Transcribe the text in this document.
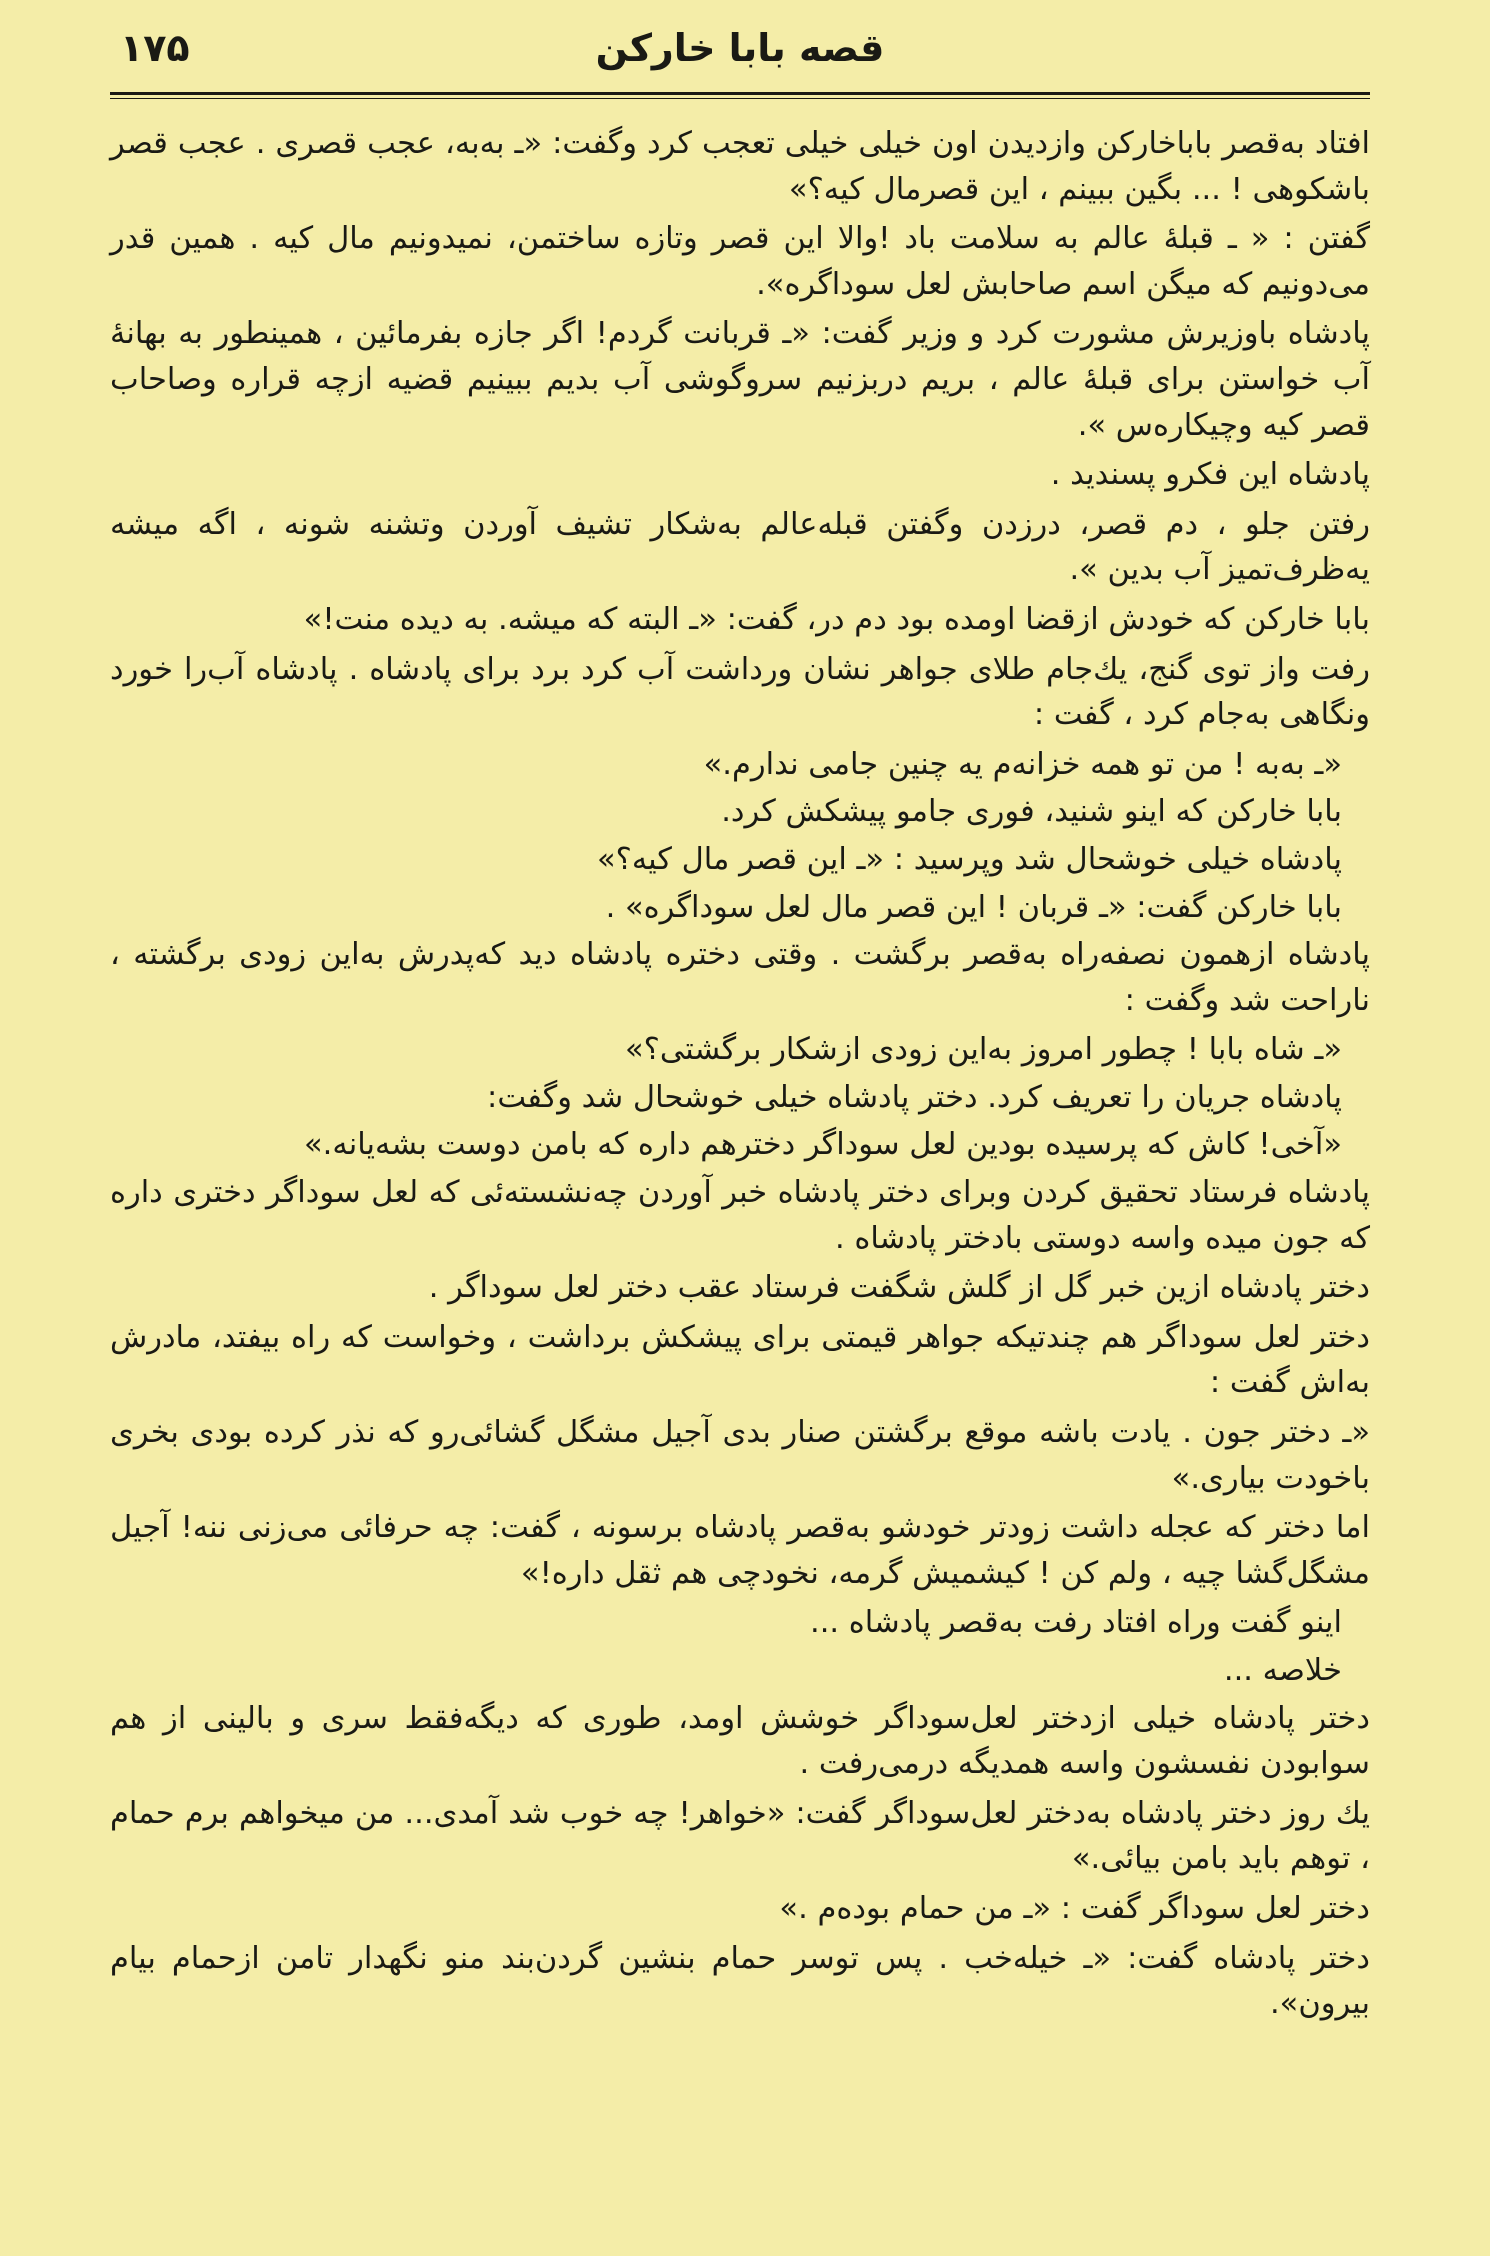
قصه بابا خارکن
۱۷۵

افتاد به‌قصر باباخارکن وازدیدن اون خیلی خیلی تعجب کرد وگفت: «ـ به‌به، عجب قصری . عجب قصر باشکوهی ! ... بگین ببینم ، این قصرمال کیه؟»

گفتن : « ـ قبلهٔ عالم به سلامت باد !والا این قصر وتازه ساختمن، نمیدونیم مال کیه . همین قدر می‌دونیم که میگن اسم صاحابش لعل سوداگره».

پادشاه باوزیرش مشورت کرد و وزیر گفت: «ـ قربانت گردم! اگر جازه بفرمائین ، همینطور به بهانهٔ آب خواستن برای قبلهٔ عالم ، بریم دربزنیم سروگوشی آب بدیم ببینیم قضیه ازچه قراره وصاحاب قصر کیه وچیکاره‌س ».

پادشاه این فکرو پسندید .

رفتن جلو ، دم قصر، درزدن وگفتن قبله‌عالم به‌شکار تشیف آوردن وتشنه شونه ، اگه میشه یه‌ظرف‌تمیز آب بدین ».

بابا خارکن که خودش ازقضا اومده بود دم در، گفت: «ـ البته که میشه. به دیده منت!»

رفت واز توی گنج، یك‌جام طلای جواهر نشان ورداشت آب کرد برد برای پادشاه . پادشاه آب‌را خورد ونگاهی به‌جام کرد ، گفت :

«ـ به‌به ! من تو همه خزانه‌م یه چنین جامی ندارم.»

بابا خارکن که اینو شنید، فوری جامو پیشکش کرد.

پادشاه خیلی خوشحال شد وپرسید : «ـ این قصر مال کیه؟»

بابا خارکن گفت: «ـ قربان ! این قصر مال لعل سوداگره» .

پادشاه ازهمون نصفه‌راه به‌قصر برگشت . وقتی دختره پادشاه دید که‌پدرش به‌این زودی برگشته ، ناراحت شد وگفت :

«ـ شاه بابا ! چطور امروز به‌این زودی ازشکار برگشتی؟»

پادشاه جریان را تعریف کرد. دختر پادشاه خیلی خوشحال شد وگفت:

«آخی! کاش که پرسیده بودین لعل سوداگر دخترهم داره که بامن دوست بشه‌یانه.»

پادشاه فرستاد تحقیق کردن وبرای دختر پادشاه خبر آوردن چه‌نشسته‌ئی که لعل سوداگر دختری داره که جون میده واسه دوستی بادختر پادشاه .

دختر پادشاه ازین خبر گل از گلش شگفت فرستاد عقب دختر لعل سوداگر .

دختر لعل سوداگر هم چندتیکه جواهر قیمتی برای پیشکش برداشت ، وخواست که راه بیفتد، مادرش به‌اش گفت :

«ـ دختر جون . یادت باشه موقع برگشتن صنار بدی آجیل مشگل گشائی‌رو که نذر کرده بودی بخری باخودت بیاری.»

اما دختر که عجله داشت زودتر خودشو به‌قصر پادشاه برسونه ، گفت: چه حرفائی می‌زنی ننه! آجیل مشگل‌گشا چیه ، ولم کن ! کیشمیش گرمه، نخودچی هم ثقل داره!»

اینو گفت وراه افتاد رفت به‌قصر پادشاه ...

خلاصه ...

دختر پادشاه خیلی ازدختر لعل‌سوداگر خوشش اومد، طوری که دیگه‌فقط سری و بالینی از هم سوابودن نفسشون واسه همدیگه درمی‌رفت .

یك روز دختر پادشاه به‌دختر لعل‌سوداگر گفت: «خواهر! چه خوب شد آمدی... من میخواهم برم حمام ، توهم باید بامن بیائی.»

دختر لعل سوداگر گفت : «ـ من حمام بوده‌م .»

دختر پادشاه گفت: «ـ خیله‌خب . پس توسر حمام بنشین گردن‌بند منو نگهدار تامن ازحمام بیام بیرون».
